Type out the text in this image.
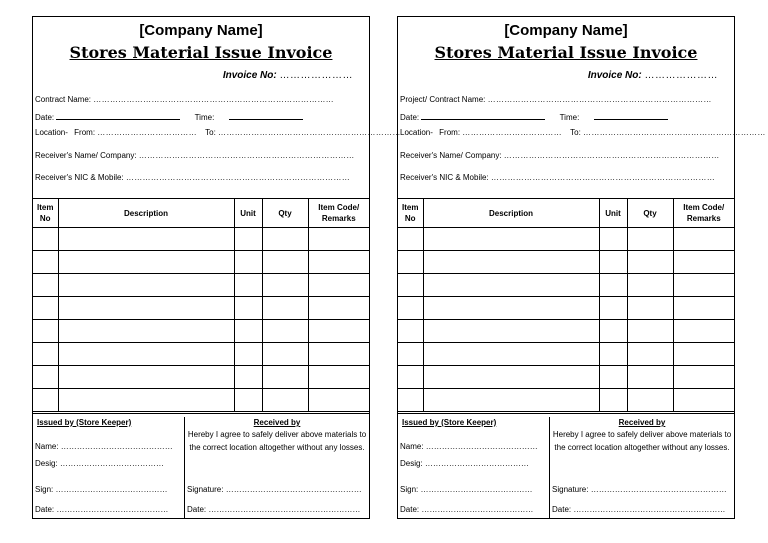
[Company Name]
Stores Material Issue Invoice
Invoice No: …………………
Contract Name: ……………………………………………………………………………
Date:	Time:
Location- From: ……………………………… To: …………………………………………………………
Receiver's Name/ Company: ……………………………………………………………………
Receiver's NIC & Mobile: ………………………………………………………………………
Item No	Description	Unit	Qty	Item Code/ Remarks

Issued by (Store Keeper)
Name: ……………………………………
Desig: …………………………………
Sign: ……………………………………
Date: ……………………………………
Received by
Hereby I agree to safely deliver above materials to the correct location altogether without any losses.
Signature: ……………………………………………
Date: …………………………………………………
[Company Name]
Stores Material Issue Invoice
Invoice No: …………………
Project/ Contract Name: ………………………………………………………………………
Date:	Time:
Location- From: ……………………………… To: …………………………………………………………
Receiver's Name/ Company: ……………………………………………………………………
Receiver's NIC & Mobile: ………………………………………………………………………
Item No	Description	Unit	Qty	Item Code/ Remarks

Issued by (Store Keeper)
Name: ……………………………………
Desig: …………………………………
Sign: ……………………………………
Date: ……………………………………
Received by
Hereby I agree to safely deliver above materials to the correct location altogether without any losses.
Signature: ……………………………………………
Date: …………………………………………………
